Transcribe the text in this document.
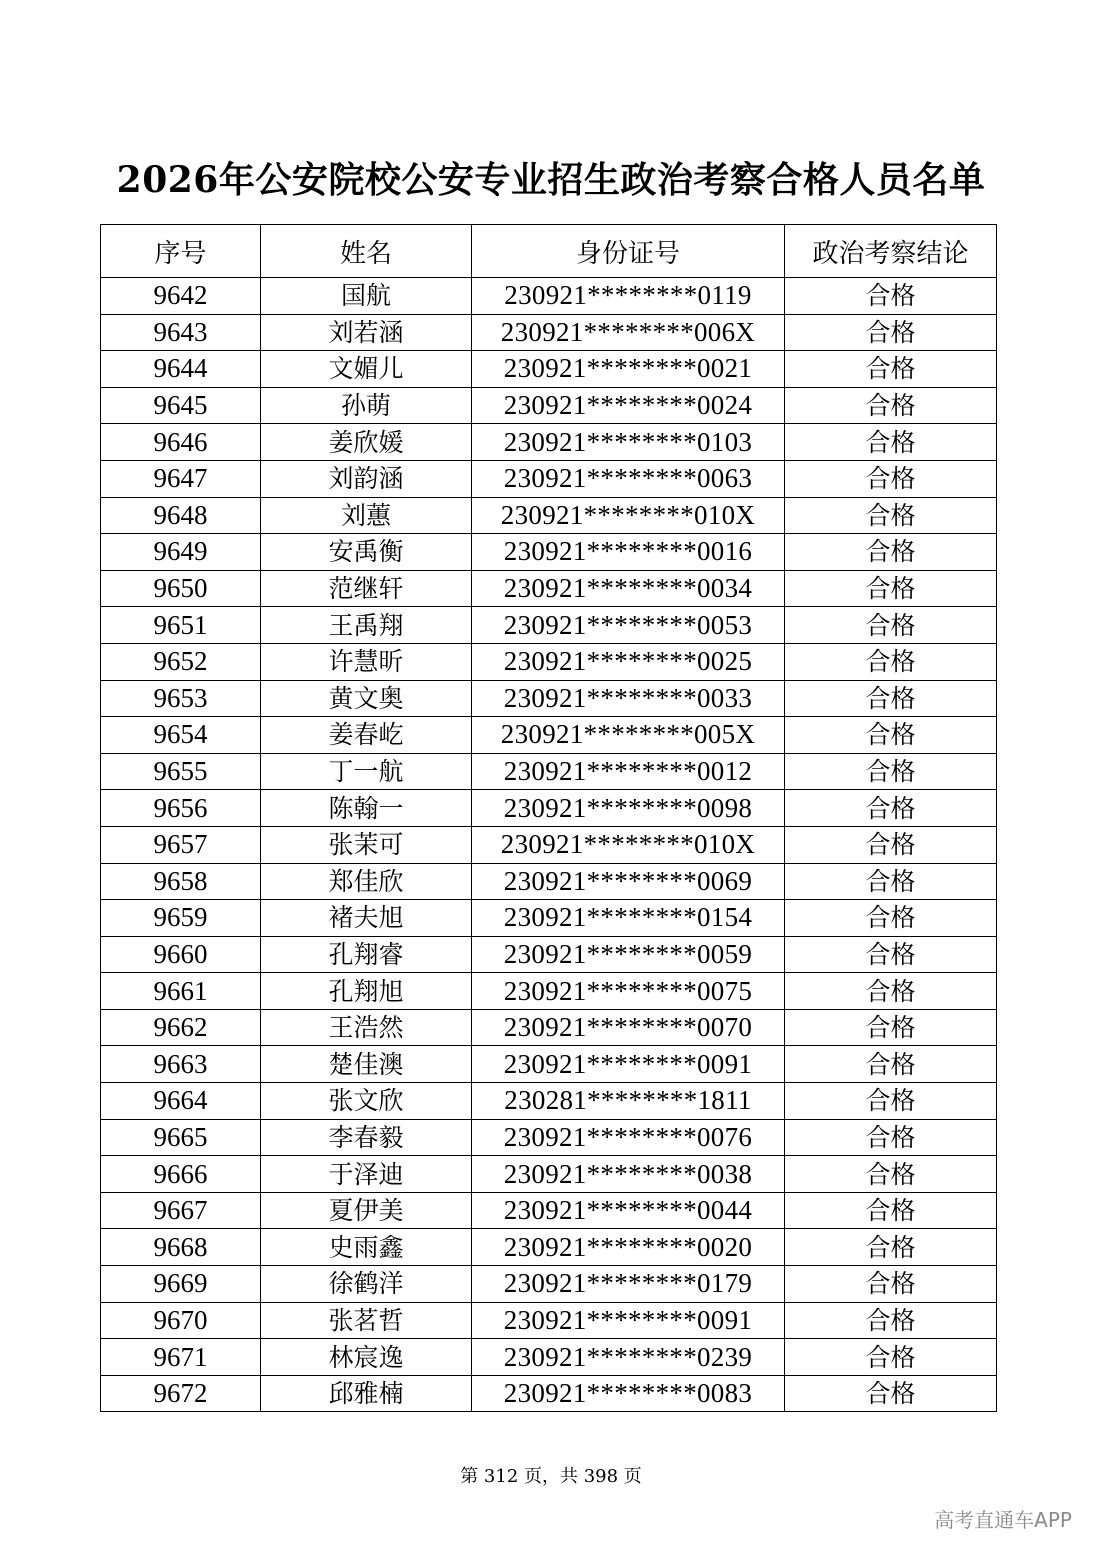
2026年公安院校公安专业招生政治考察合格人员名单
序号	姓名	身份证号	政治考察结论
9642	国航	230921********0119	合格
9643	刘若涵	230921********006X	合格
9644	文媚儿	230921********0021	合格
9645	孙萌	230921********0024	合格
9646	姜欣媛	230921********0103	合格
9647	刘韵涵	230921********0063	合格
9648	刘蕙	230921********010X	合格
9649	安禹衡	230921********0016	合格
9650	范继轩	230921********0034	合格
9651	王禹翔	230921********0053	合格
9652	许慧昕	230921********0025	合格
9653	黄文奥	230921********0033	合格
9654	姜春屹	230921********005X	合格
9655	丁一航	230921********0012	合格
9656	陈翰一	230921********0098	合格
9657	张茉可	230921********010X	合格
9658	郑佳欣	230921********0069	合格
9659	褚夫旭	230921********0154	合格
9660	孔翔睿	230921********0059	合格
9661	孔翔旭	230921********0075	合格
9662	王浩然	230921********0070	合格
9663	楚佳澳	230921********0091	合格
9664	张文欣	230281********1811	合格
9665	李春毅	230921********0076	合格
9666	于泽迪	230921********0038	合格
9667	夏伊美	230921********0044	合格
9668	史雨鑫	230921********0020	合格
9669	徐鹤洋	230921********0179	合格
9670	张茗哲	230921********0091	合格
9671	林宸逸	230921********0239	合格
9672	邱雅楠	230921********0083	合格
第 312 页，共 398 页
高考直通车APP
